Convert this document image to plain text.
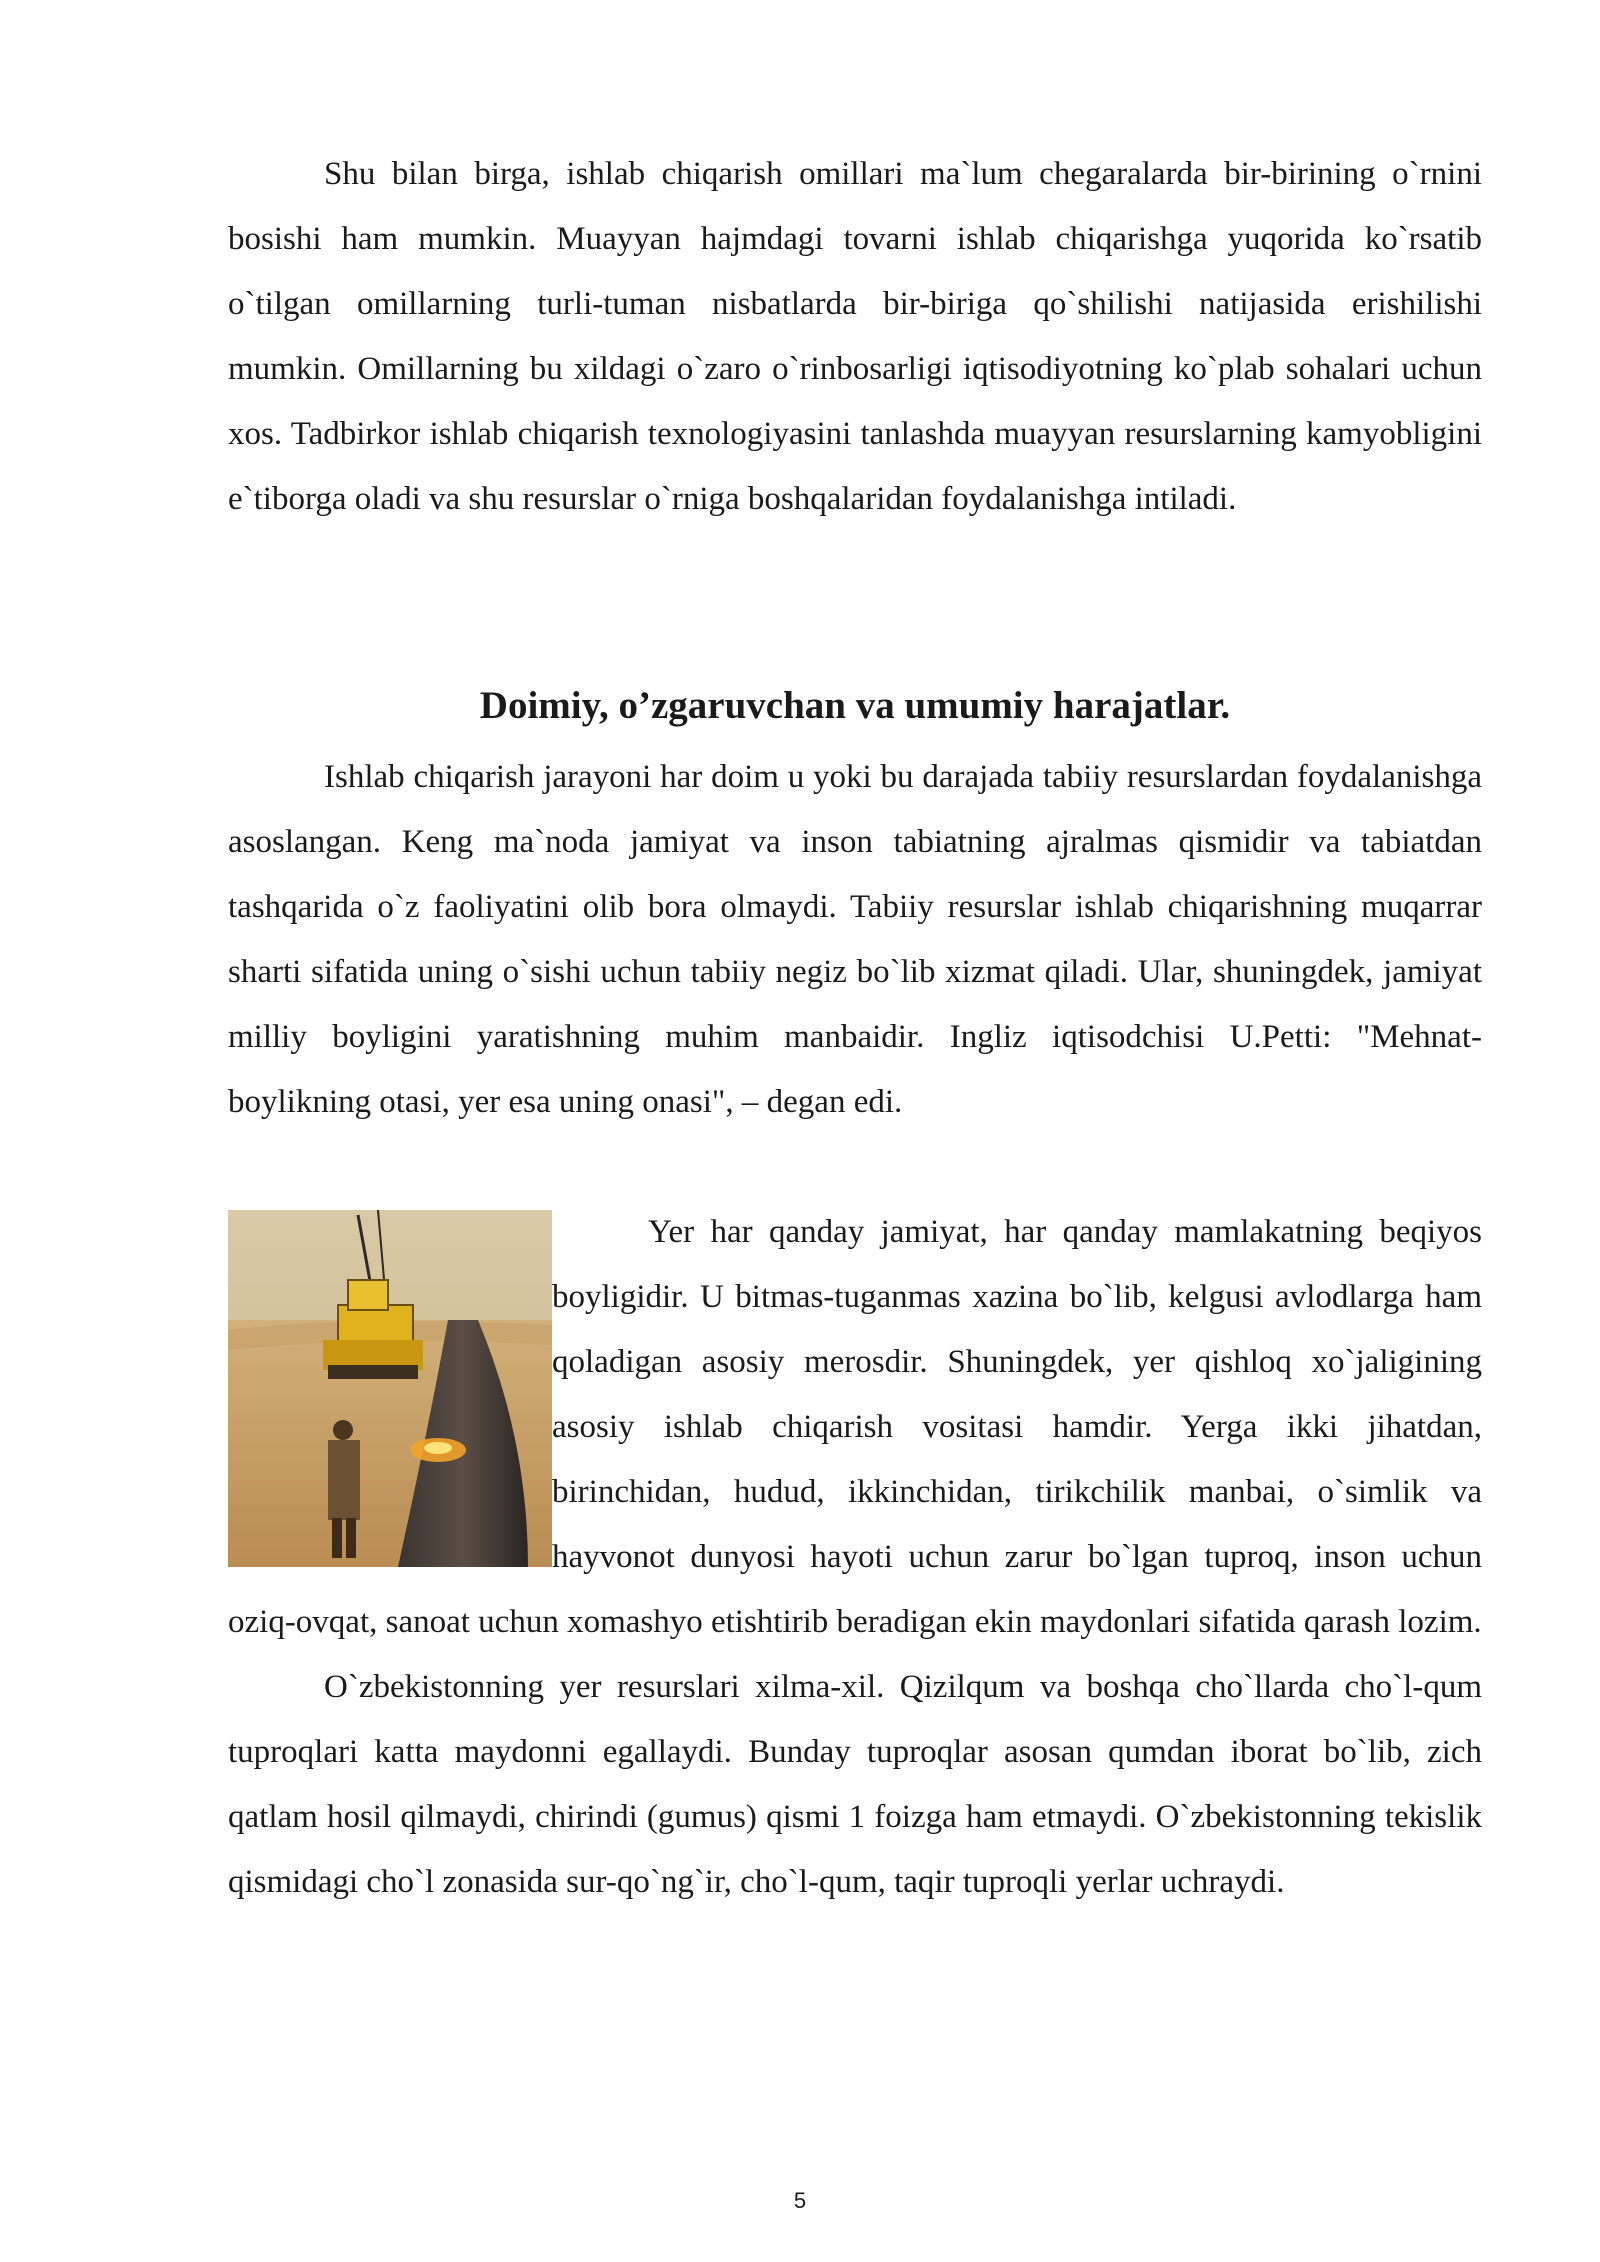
Shu bilan birga, ishlab chiqarish omillari ma`lum chegaralarda bir-birining o`rnini bosishi ham mumkin. Muayyan hajmdagi tovarni ishlab chiqarishga yuqorida ko`rsatib o`tilgan omillarning turli-tuman nisbatlarda bir-biriga qo`shilishi natijasida erishilishi mumkin. Omillarning bu xildagi o`zaro o`rinbosarligi iqtisodiyotning ko`plab sohalari uchun xos. Tadbirkor ishlab chiqarish texnologiyasini tanlashda muayyan resurslarning kamyobligini e`tiborga oladi va shu resurslar o`rniga boshqalaridan foydalanishga intiladi.

Doimiy, o’zgaruvchan va umumiy harajatlar.

Ishlab chiqarish jarayoni har doim u yoki bu darajada tabiiy resurslardan foydalanishga asoslangan. Keng ma`noda jamiyat va inson tabiatning ajralmas qismidir va tabiatdan tashqarida o`z faoliyatini olib bora olmaydi. Tabiiy resurslar ishlab chiqarishning muqarrar sharti sifatida uning o`sishi uchun tabiiy negiz bo`lib xizmat qiladi. Ular, shuningdek, jamiyat milliy boyligini yaratishning muhim manbaidir. Ingliz iqtisodchisi U.Petti: "Mehnat-boylikning otasi, yer esa uning onasi", – degan edi.

Yer har qanday jamiyat, har qanday mamlakatning beqiyos boyligidir. U bitmas-tuganmas xazina bo`lib, kelgusi avlodlarga ham qoladigan asosiy merosdir. Shuningdek, yer qishloq xo`jaligining asosiy ishlab chiqarish vositasi hamdir. Yerga ikki jihatdan, birinchidan, hudud, ikkinchidan, tirikchilik manbai, o`simlik va hayvonot dunyosi hayoti uchun zarur bo`lgan tuproq, inson uchun oziq-ovqat, sanoat uchun xomashyo etishtirib beradigan ekin maydonlari sifatida qarash lozim.

O`zbekistonning yer resurslari xilma-xil. Qizilqum va boshqa cho`llarda cho`l-qum tuproqlari katta maydonni egallaydi. Bunday tuproqlar asosan qumdan iborat bo`lib, zich qatlam hosil qilmaydi, chirindi (gumus) qismi 1 foizga ham etmaydi. O`zbekistonning tekislik qismidagi cho`l zonasida sur-qo`ng`ir, cho`l-qum, taqir tuproqli yerlar uchraydi.

5
